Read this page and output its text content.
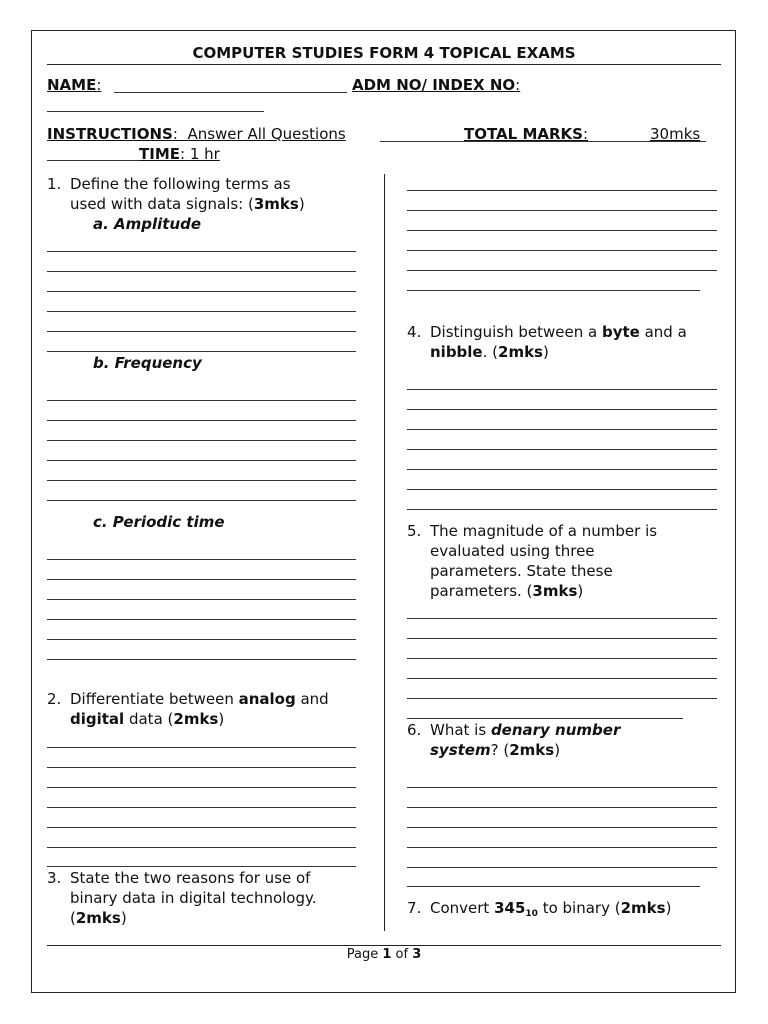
COMPUTER STUDIES FORM 4 TOPICAL EXAMS
NAME:	ADM NO/ INDEX NO:
INSTRUCTIONS:  Answer All Questions	TOTAL MARKS:	30mks
TIME: 1 hr
1. Define the following terms as
used with data signals: (3mks)
a. Amplitude
b. Frequency
c. Periodic time
2. Differentiate between analog and
digital data (2mks)
3. State the two reasons for use of
binary data in digital technology.
(2mks)
4. Distinguish between a byte and a
nibble. (2mks)
5. The magnitude of a number is
evaluated using three
parameters. State these
parameters. (3mks)
6. What is denary number
system? (2mks)
7. Convert $345_{10}$ to binary (2mks)
Page 1 of 3
